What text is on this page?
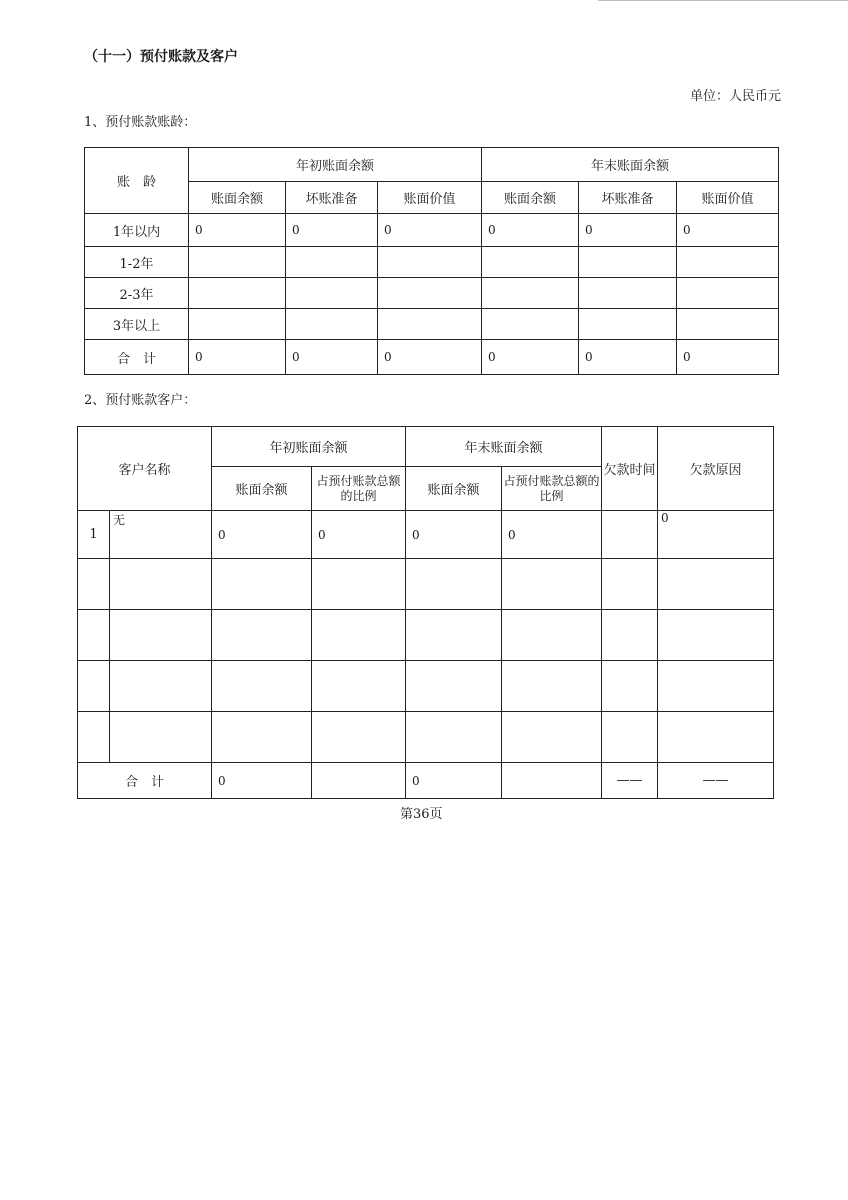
（十一）预付账款及客户
单位：人民币元
1、预付账款账龄：
账　龄	年初账面余额			年末账面余额		
	账面余额	坏账准备	账面价值	账面余额	坏账准备	账面价值
1年以内	0	0	0	0	0	0
1-2年						
2-3年						
3年以上						
合　计	0	0	0	0	0	0
2、预付账款客户：
客户名称		年初账面余额		年末账面余额		欠款时间	欠款原因
		账面余额	占预付账款总额的比例	账面余额	占预付账款总额的比例		
1	无	0	0	0	0		0

合　计		0		0		——	——
第36页
